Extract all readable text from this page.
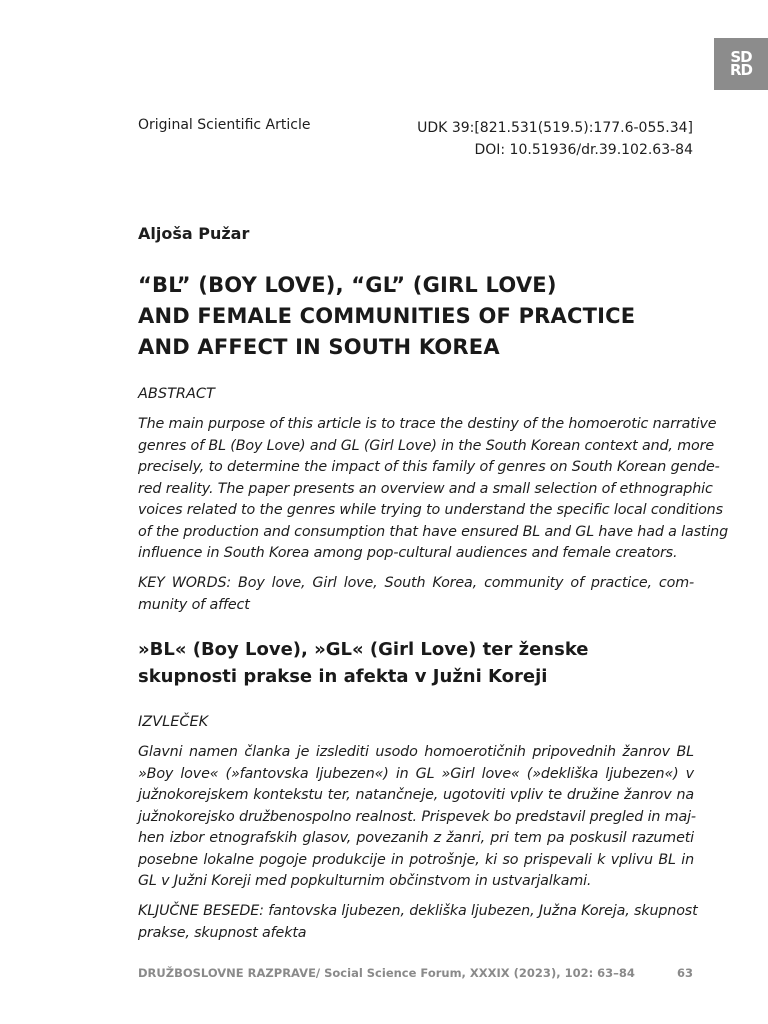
SD
RD
Original Scientific Article	UDK 39:[821.531(519.5):177.6-055.34]
DOI: 10.51936/dr.39.102.63-84
Aljoša Pužar
“BL” (BOY LOVE), “GL” (GIRL LOVE)
AND FEMALE COMMUNITIES OF PRACTICE
AND AFFECT IN SOUTH KOREA
ABSTRACT

The main purpose of this article is to trace the destiny of the homoerotic narrative
genres of BL (Boy Love) and GL (Girl Love) in the South Korean context and, more
precisely, to determine the impact of this family of genres on South Korean gende-
red reality. The paper presents an overview and a small selection of ethnographic
voices related to the genres while trying to understand the specific local conditions
of the production and consumption that have ensured BL and GL have had a lasting
influence in South Korea among pop-cultural audiences and female creators.

KEY WORDS: Boy love, Girl love, South Korea, community of practice, com-
munity of affect

»BL« (Boy Love), »GL« (Girl Love) ter ženske
skupnosti prakse in afekta v Južni Koreji
IZVLEČEK

Glavni namen članka je izslediti usodo homoerotičnih pripovednih žanrov BL
»Boy love« (»fantovska ljubezen«) in GL »Girl love« (»dekliška ljubezen«) v
južnokorejskem kontekstu ter, natančneje, ugotoviti vpliv te družine žanrov na
južnokorejsko družbenospolno realnost. Prispevek bo predstavil pregled in maj-
hen izbor etnografskih glasov, povezanih z žanri, pri tem pa poskusil razumeti
posebne lokalne pogoje produkcije in potrošnje, ki so prispevali k vplivu BL in
GL v Južni Koreji med popkulturnim občinstvom in ustvarjalkami.

KLJUČNE BESEDE: fantovska ljubezen, dekliška ljubezen, Južna Koreja, skupnost
prakse, skupnost afekta

DRUŽBOSLOVNE RAZPRAVE/ Social Science Forum, XXXIX (2023), 102: 63–84	63
